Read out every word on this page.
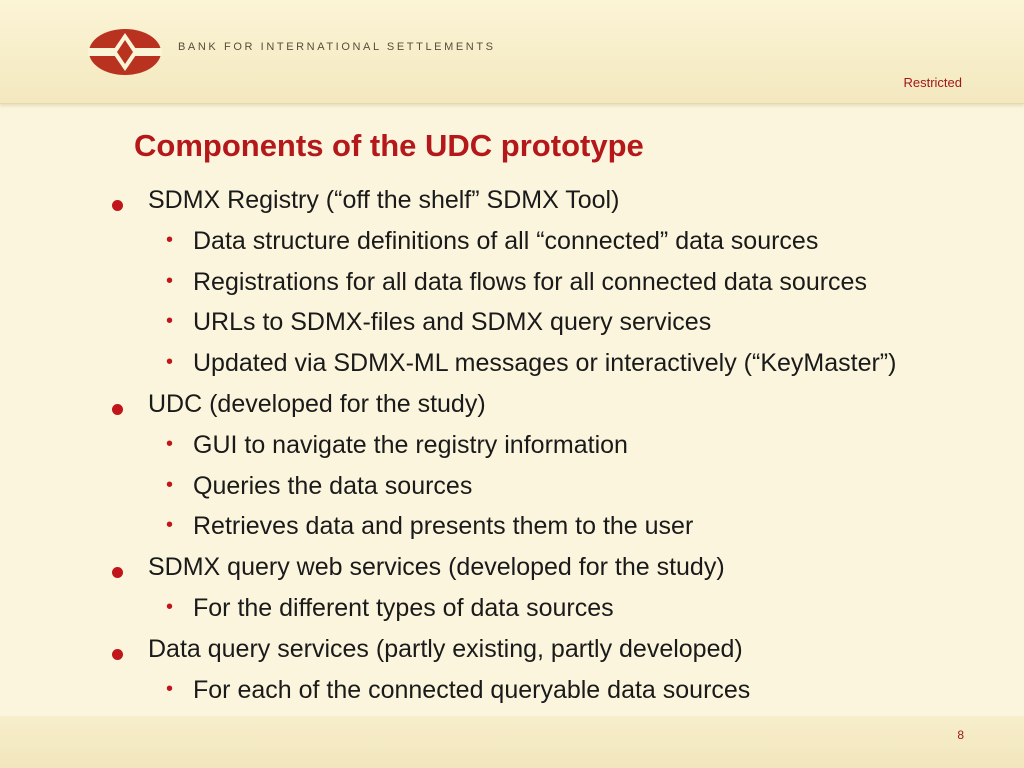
BANK FOR INTERNATIONAL SETTLEMENTS
Restricted
Components of the UDC prototype
SDMX Registry (“off the shelf” SDMX Tool)
• Data structure definitions of all “connected” data sources
• Registrations for all data flows for all connected data sources
• URLs to SDMX-files and SDMX query services
• Updated via SDMX-ML messages or interactively (“KeyMaster”)
UDC (developed for the study)
• GUI to navigate the registry information
• Queries the data sources
• Retrieves data and presents them to the user
SDMX query web services (developed for the study)
• For the different types of data sources
Data query services (partly existing, partly developed)
• For each of the connected queryable data sources
8
